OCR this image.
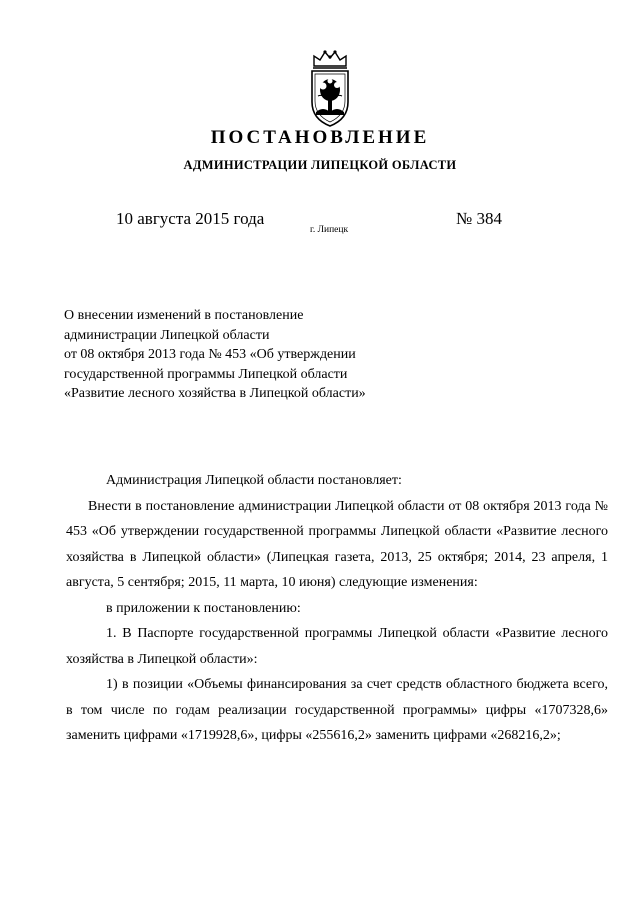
ПОСТАНОВЛЕНИЕ
АДМИНИСТРАЦИИ ЛИПЕЦКОЙ ОБЛАСТИ
10 августа 2015 года
г. Липецк
№ 384
О внесении изменений в постановление
администрации Липецкой области
от 08 октября 2013 года № 453 «Об утверждении
государственной программы Липецкой области
«Развитие лесного хозяйства в Липецкой области»

Администрация Липецкой области постановляет:

Внести в постановление администрации Липецкой области от 08 октября 2013 года № 453 «Об утверждении государственной программы Липецкой области «Развитие лесного хозяйства в Липецкой области» (Липецкая газета, 2013, 25 октября; 2014, 23 апреля, 1 августа, 5 сентября; 2015, 11 марта, 10 июня) следующие изменения:

в приложении к постановлению:

1. В Паспорте государственной программы Липецкой области «Развитие лесного хозяйства в Липецкой области»:

1) в позиции «Объемы финансирования за счет средств областного бюджета всего, в том числе по годам реализации государственной программы» цифры «1707328,6» заменить цифрами «1719928,6», цифры «255616,2» заменить цифрами «268216,2»;
